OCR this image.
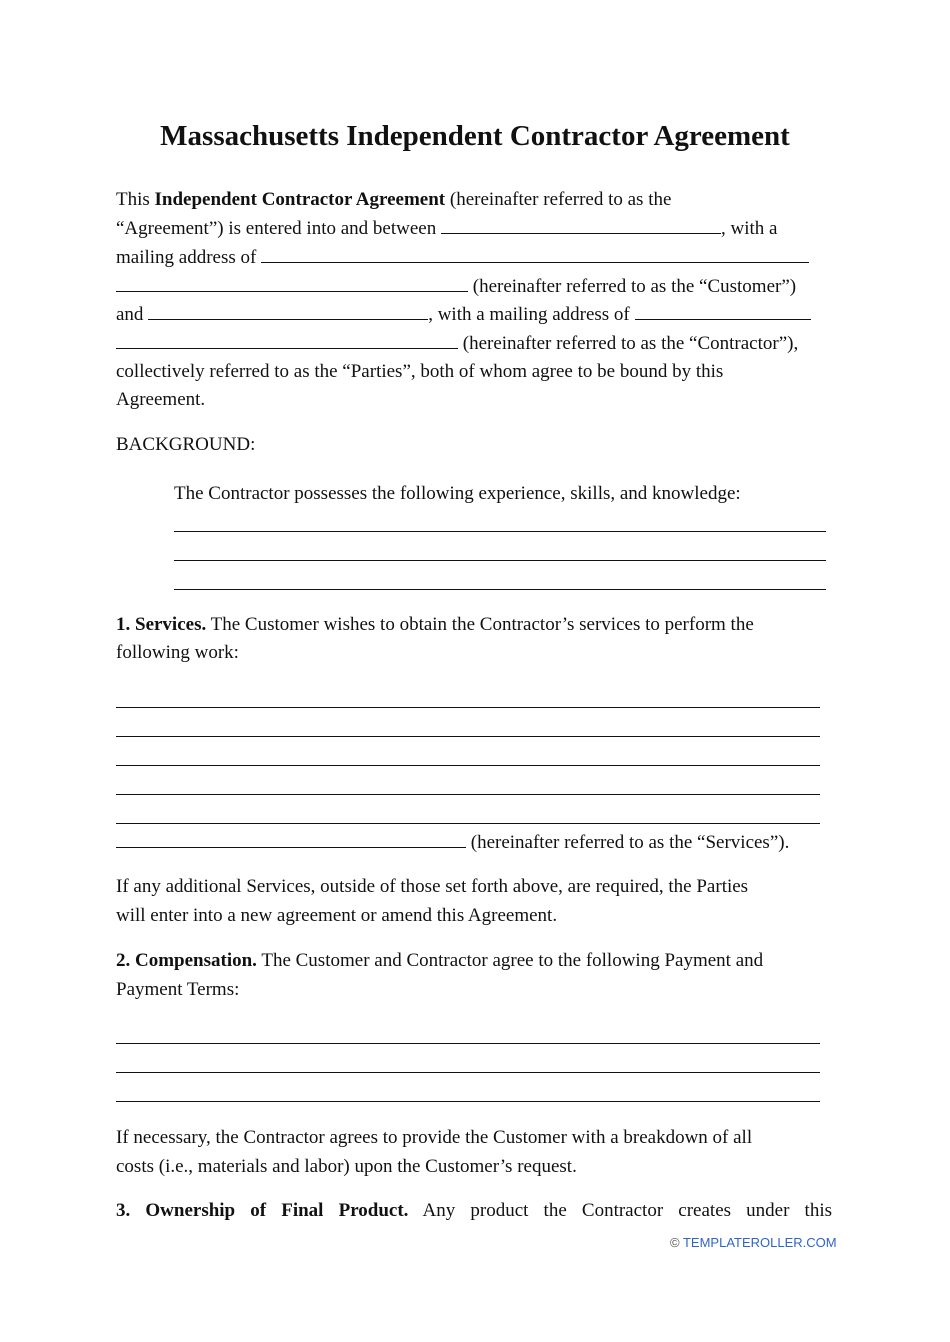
Massachusetts Independent Contractor Agreement
This Independent Contractor Agreement (hereinafter referred to as the
“Agreement”) is entered into and between	, with a
mailing address of
(hereinafter referred to as the “Customer”)
and	, with a mailing address of
(hereinafter referred to as the “Contractor”),
collectively referred to as the “Parties”, both of whom agree to be bound by this
Agreement.
BACKGROUND:
The Contractor possesses the following experience, skills, and knowledge:
1. Services. The Customer wishes to obtain the Contractor’s services to perform the
following work:
(hereinafter referred to as the “Services”).
If any additional Services, outside of those set forth above, are required, the Parties
will enter into a new agreement or amend this Agreement.
2. Compensation. The Customer and Contractor agree to the following Payment and
Payment Terms:
If necessary, the Contractor agrees to provide the Customer with a breakdown of all
costs (i.e., materials and labor) upon the Customer’s request.
3. Ownership of Final Product. Any product the Contractor creates under this
© TEMPLATEROLLER.COM
